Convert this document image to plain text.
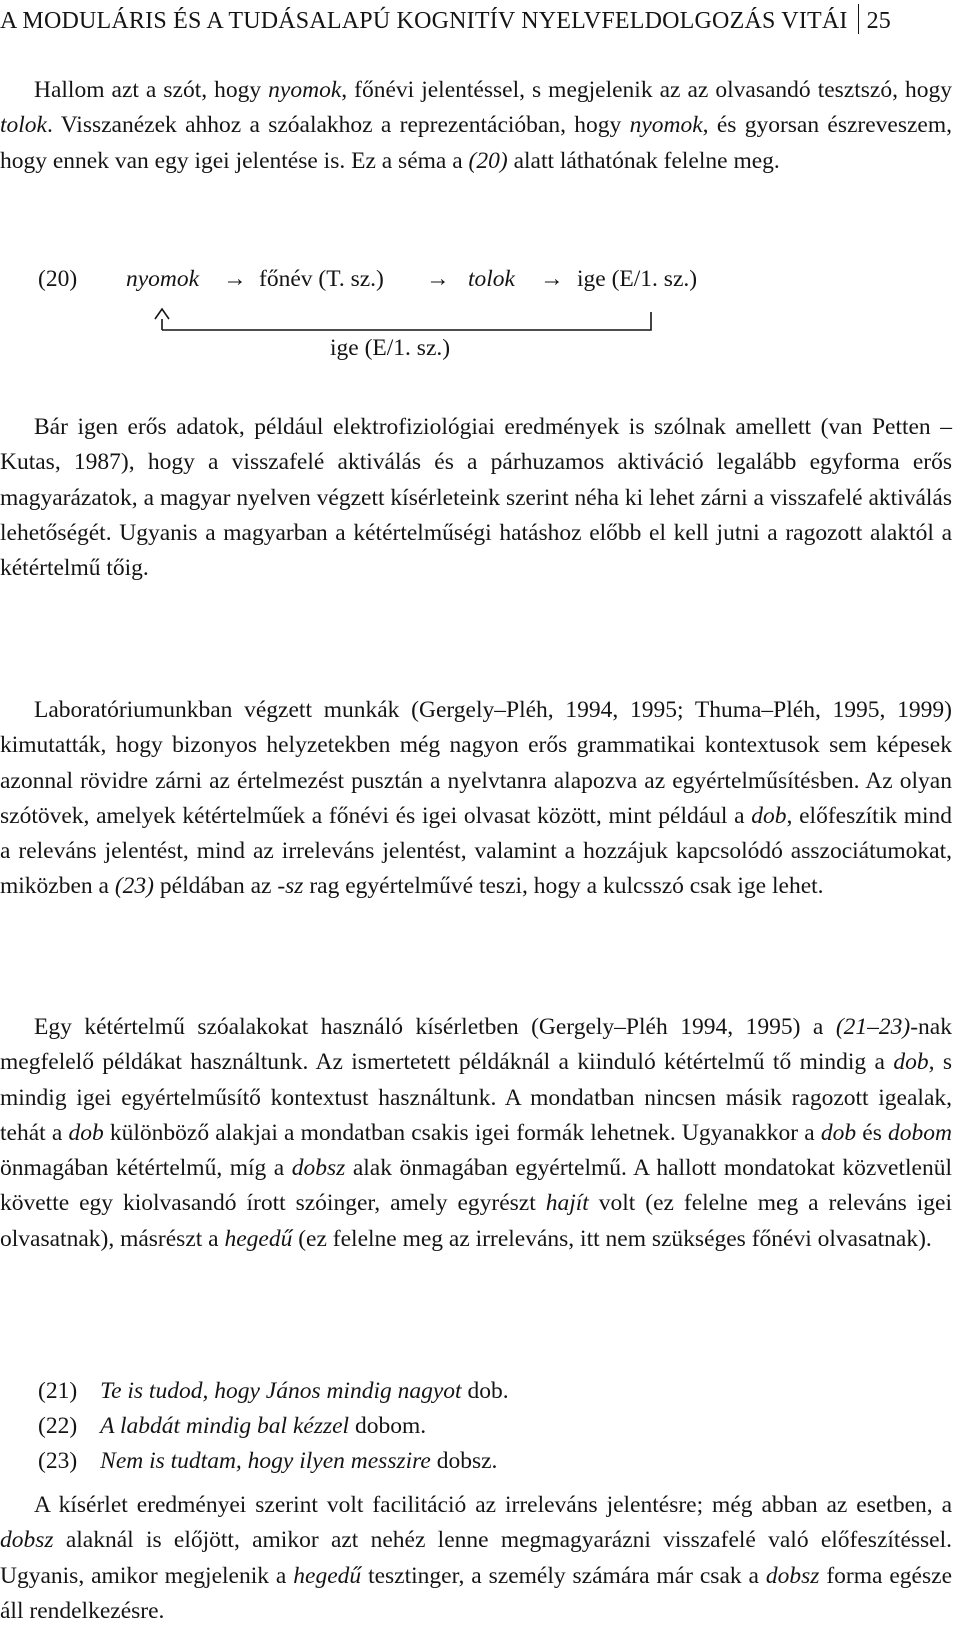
A MODULÁRIS ÉS A TUDÁSALAPÚ KOGNITÍV NYELVFELDOLGOZÁS VITÁI 25

Hallom azt a szót, hogy nyomok, főnévi jelentéssel, s megjelenik az az olvasandó tesztszó, hogy tolok. Visszanézek ahhoz a szóalakhoz a reprezentációban, hogy nyomok, és gyorsan észreveszem, hogy ennek van egy igei jelentése is. Ez a séma a (20) alatt láthatónak felelne meg.

(20) nyomok → főnév (T. sz.) → tolok → ige (E/1. sz.)
ige (E/1. sz.)

Bár igen erős adatok, például elektrofiziológiai eredmények is szólnak amellett (van Petten – Kutas, 1987), hogy a visszafelé aktiválás és a párhuzamos aktiváció legalább egyforma erős magyarázatok, a magyar nyelven végzett kísérleteink szerint néha ki lehet zárni a visszafelé aktiválás lehetőségét. Ugyanis a magyarban a kétértelműségi hatáshoz előbb el kell jutni a ragozott alaktól a kétértelmű tőig.

Laboratóriumunkban végzett munkák (Gergely–Pléh, 1994, 1995; Thuma–Pléh, 1995, 1999) kimutatták, hogy bizonyos helyzetekben még nagyon erős grammatikai kontextusok sem képesek azonnal rövidre zárni az értelmezést pusztán a nyelvtanra alapozva az egyértelműsítésben. Az olyan szótövek, amelyek kétértelműek a főnévi és igei olvasat között, mint például a dob, előfeszítik mind a releváns jelentést, mind az irreleváns jelentést, valamint a hozzájuk kapcsolódó asszociátumokat, miközben a (23) példában az -sz rag egyértelművé teszi, hogy a kulcsszó csak ige lehet.

Egy kétértelmű szóalakokat használó kísérletben (Gergely–Pléh 1994, 1995) a (21–23)-nak megfelelő példákat használtunk. Az ismertetett példáknál a kiinduló kétértelmű tő mindig a dob, s mindig igei egyértelműsítő kontextust használtunk. A mondatban nincsen másik ragozott igealak, tehát a dob különböző alakjai a mondatban csakis igei formák lehetnek. Ugyanakkor a dob és dobom önmagában kétértelmű, míg a dobsz alak önmagában egyértelmű. A hallott mondatokat közvetlenül követte egy kiolvasandó írott szóinger, amely egyrészt hajít volt (ez felelne meg a releváns igei olvasatnak), másrészt a hegedű (ez felelne meg az irreleváns, itt nem szükséges főnévi olvasatnak).

(21) Te is tudod, hogy János mindig nagyot dob.
(22) A labdát mindig bal kézzel dobom.
(23) Nem is tudtam, hogy ilyen messzire dobsz.

A kísérlet eredményei szerint volt facilitáció az irreleváns jelentésre; még abban az esetben, a dobsz alaknál is előjött, amikor azt nehéz lenne megmagyarázni visszafelé való előfeszítéssel. Ugyanis, amikor megjelenik a hegedű tesztinger, a személy számára már csak a dobsz forma egésze áll rendelkezésre.
